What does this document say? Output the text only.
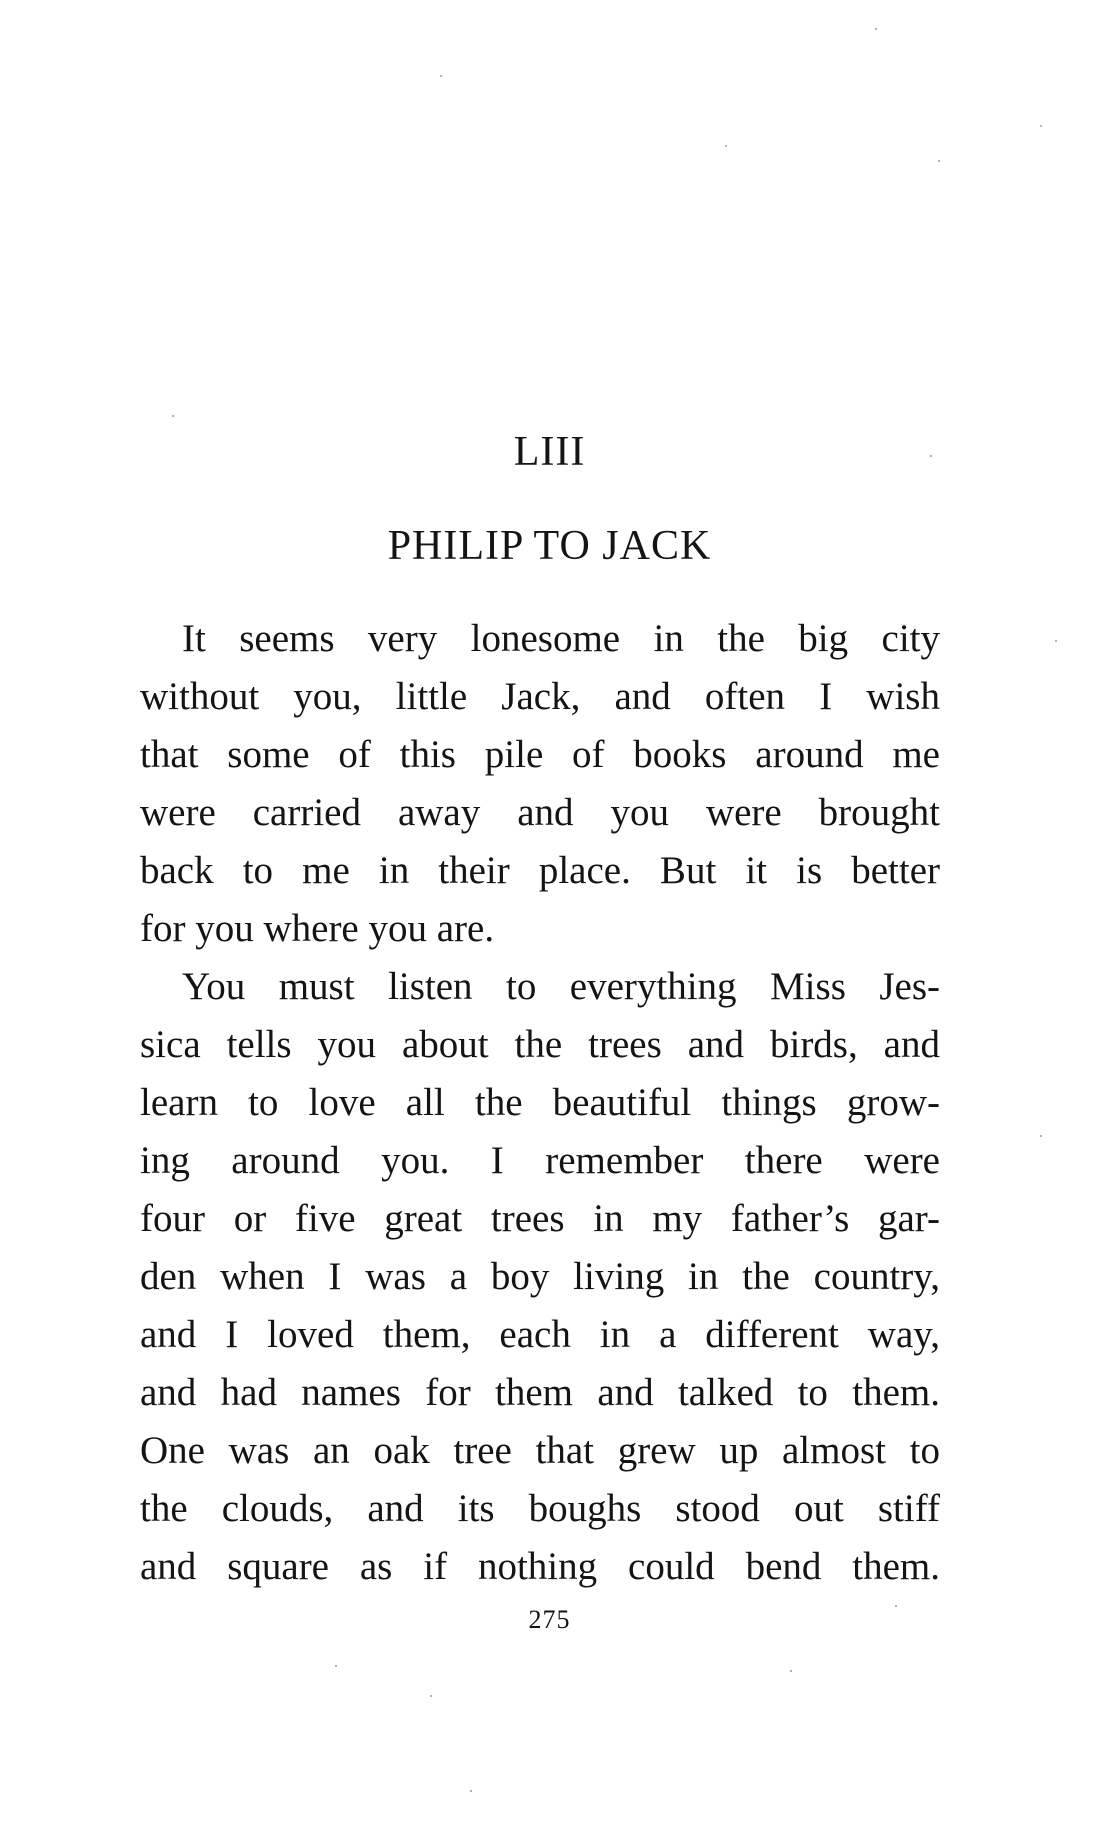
LIII
PHILIP TO JACK
It seems very lonesome in the big city
without you, little Jack, and often I wish
that some of this pile of books around me
were carried away and you were brought
back to me in their place. But it is better
for you where you are.
You must listen to everything Miss Jes-
sica tells you about the trees and birds, and
learn to love all the beautiful things grow-
ing around you. I remember there were
four or five great trees in my father’s gar-
den when I was a boy living in the country,
and I loved them, each in a different way,
and had names for them and talked to them.
One was an oak tree that grew up almost to
the clouds, and its boughs stood out stiff
and square as if nothing could bend them.
275
